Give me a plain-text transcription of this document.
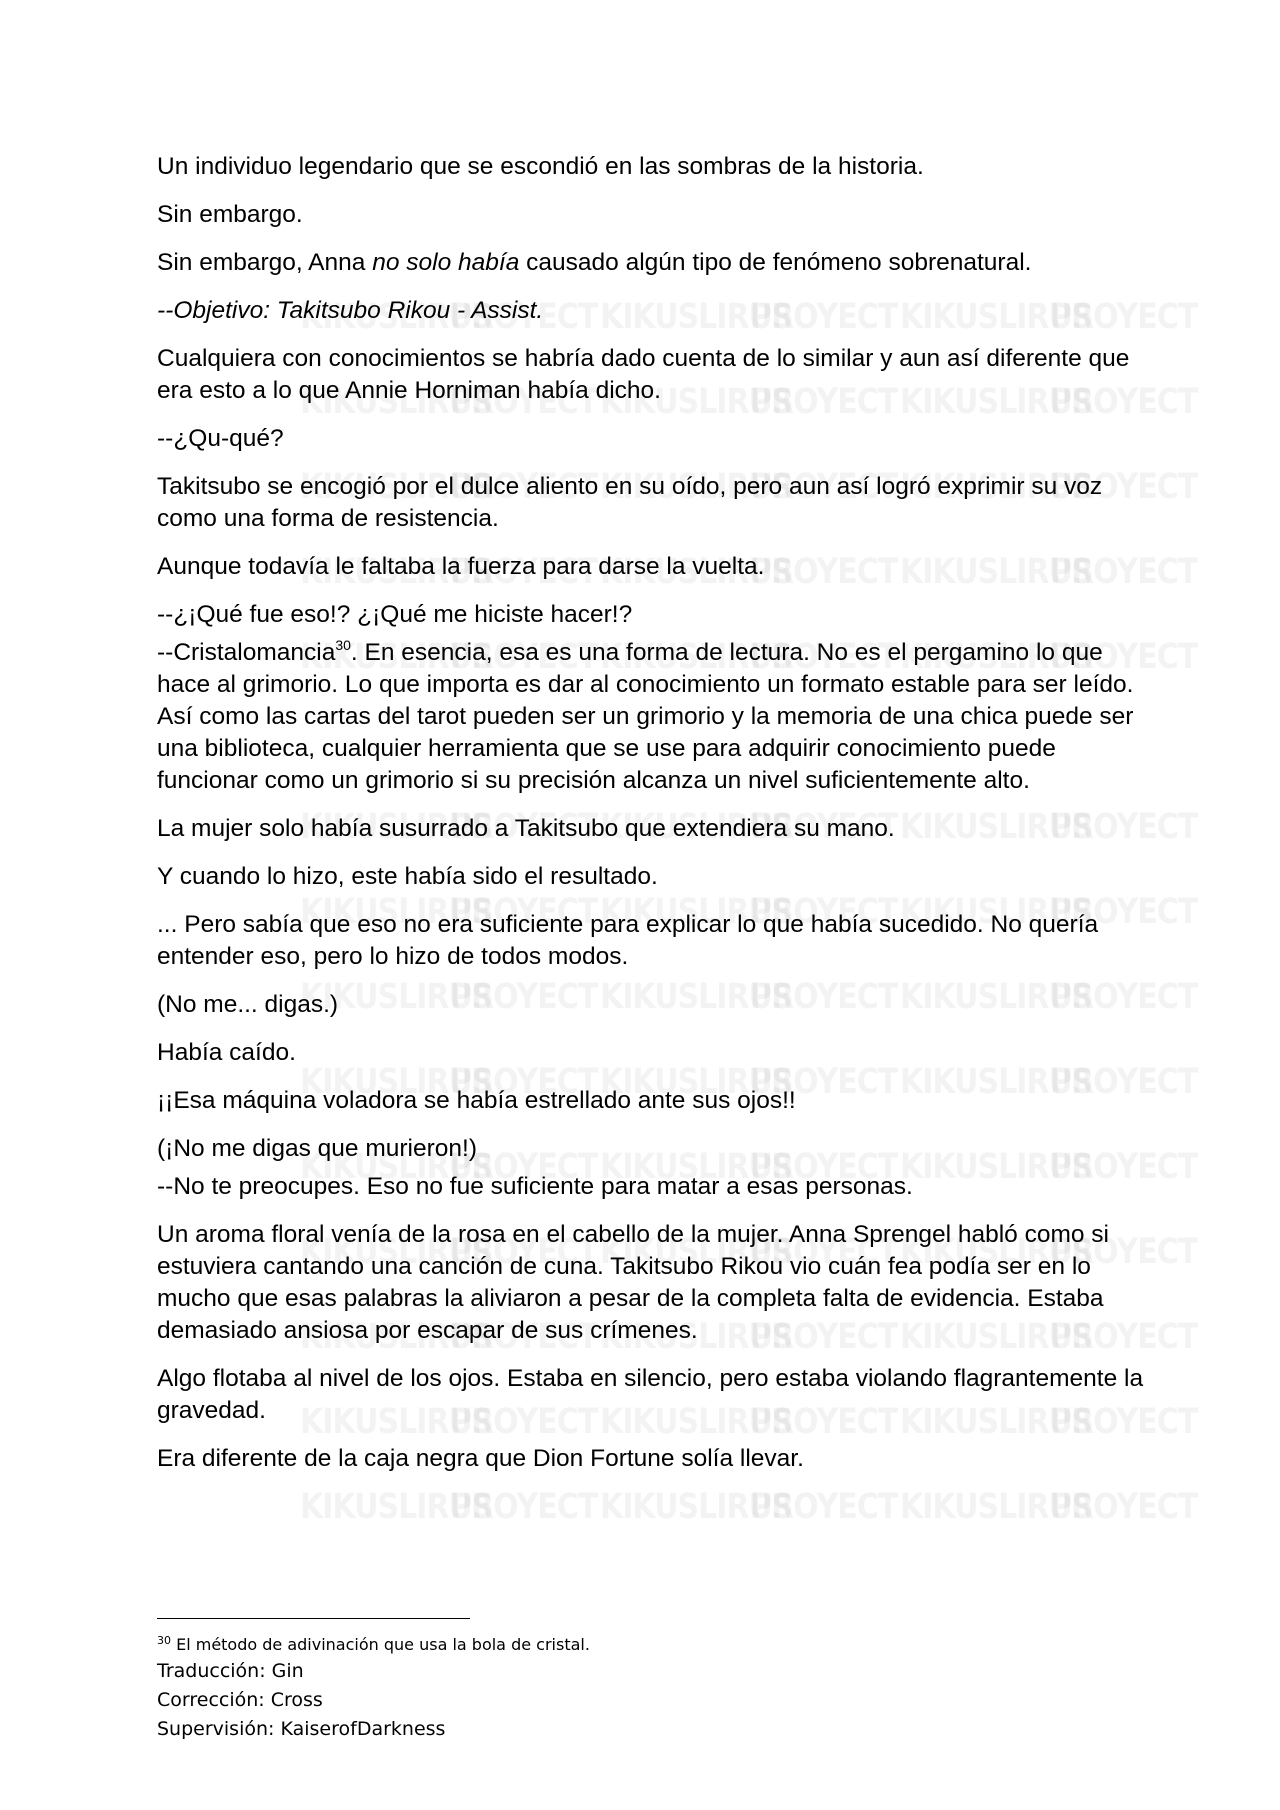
Un individuo legendario que se escondió en las sombras de la historia.

Sin embargo.

Sin embargo, Anna no solo había causado algún tipo de fenómeno sobrenatural.

--Objetivo: Takitsubo Rikou - Assist.

Cualquiera con conocimientos se habría dado cuenta de lo similar y aun así diferente que era esto a lo que Annie Horniman había dicho.

--¿Qu-qué?

Takitsubo se encogió por el dulce aliento en su oído, pero aun así logró exprimir su voz como una forma de resistencia.

Aunque todavía le faltaba la fuerza para darse la vuelta.

--¿¡Qué fue eso!? ¿¡Qué me hiciste hacer!?

--Cristalomancia$^{30}$. En esencia, esa es una forma de lectura. No es el pergamino lo que hace al grimorio. Lo que importa es dar al conocimiento un formato estable para ser leído. Así como las cartas del tarot pueden ser un grimorio y la memoria de una chica puede ser una biblioteca, cualquier herramienta que se use para adquirir conocimiento puede funcionar como un grimorio si su precisión alcanza un nivel suficientemente alto.

La mujer solo había susurrado a Takitsubo que extendiera su mano.

Y cuando lo hizo, este había sido el resultado.

... Pero sabía que eso no era suficiente para explicar lo que había sucedido. No quería entender eso, pero lo hizo de todos modos.

(No me... digas.)

Había caído.

¡¡Esa máquina voladora se había estrellado ante sus ojos!!

(¡No me digas que murieron!)

--No te preocupes. Eso no fue suficiente para matar a esas personas.

Un aroma floral venía de la rosa en el cabello de la mujer. Anna Sprengel habló como si estuviera cantando una canción de cuna. Takitsubo Rikou vio cuán fea podía ser en lo mucho que esas palabras la aliviaron a pesar de la completa falta de evidencia. Estaba demasiado ansiosa por escapar de sus crímenes.

Algo flotaba al nivel de los ojos. Estaba en silencio, pero estaba violando flagrantemente la gravedad.

Era diferente de la caja negra que Dion Fortune solía llevar.

$^{30}$ El método de adivinación que usa la bola de cristal.

Traducción: Gin

Corrección: Cross

Supervisión: KaiserofDarkness
